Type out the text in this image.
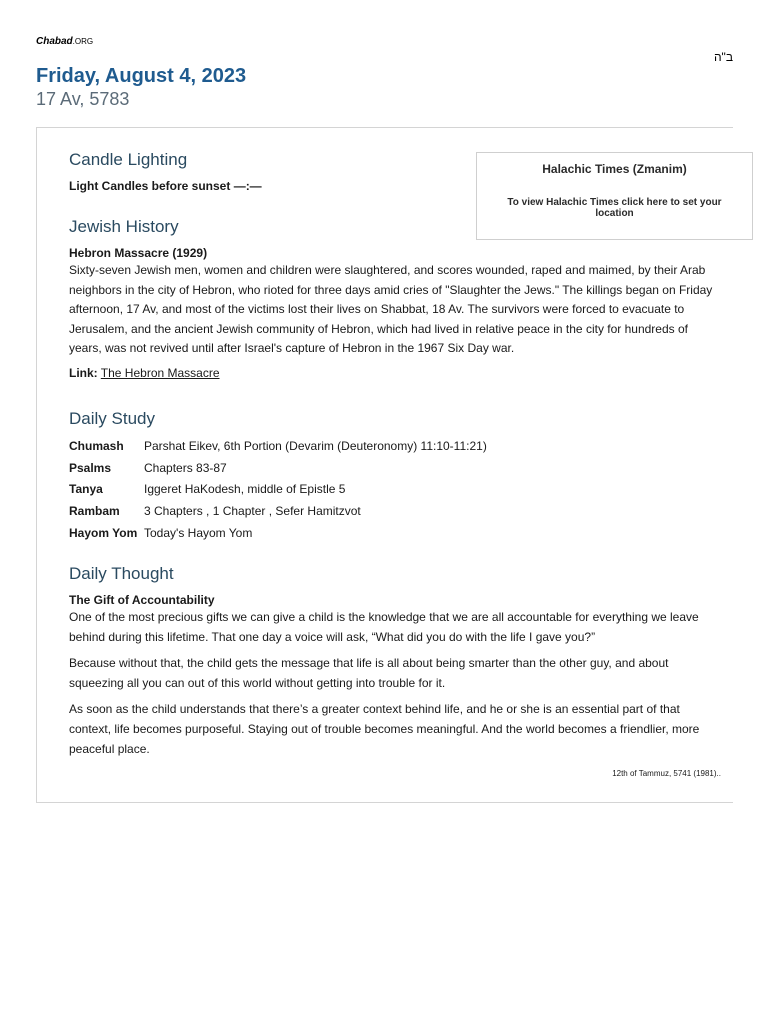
Chabad.ORG
ב"ה
Friday, August 4, 2023
17 Av, 5783
Candle Lighting
Light Candles before sunset —:—
Halachic Times (Zmanim)
To view Halachic Times click here to set your location
Jewish History
Hebron Massacre (1929)

Sixty-seven Jewish men, women and children were slaughtered, and scores wounded, raped and maimed, by their Arab neighbors in the city of Hebron, who rioted for three days amid cries of "Slaughter the Jews." The killings began on Friday afternoon, 17 Av, and most of the victims lost their lives on Shabbat, 18 Av. The survivors were forced to evacuate to Jerusalem, and the ancient Jewish community of Hebron, which had lived in relative peace in the city for hundreds of years, was not revived until after Israel's capture of Hebron in the 1967 Six Day war.

Link: The Hebron Massacre
Daily Study
Chumash	Parshat Eikev, 6th Portion (Devarim (Deuteronomy) 11:10-11:21)
Psalms	Chapters 83-87
Tanya	Iggeret HaKodesh, middle of Epistle 5
Rambam	3 Chapters , 1 Chapter , Sefer Hamitzvot
Hayom Yom	Today's Hayom Yom
Daily Thought
The Gift of Accountability

One of the most precious gifts we can give a child is the knowledge that we are all accountable for everything we leave behind during this lifetime. That one day a voice will ask, “What did you do with the life I gave you?”

Because without that, the child gets the message that life is all about being smarter than the other guy, and about squeezing all you can out of this world without getting into trouble for it.

As soon as the child understands that there’s a greater context behind life, and he or she is an essential part of that context, life becomes purposeful. Staying out of trouble becomes meaningful. And the world becomes a friendlier, more peaceful place.

12th of Tammuz, 5741 (1981)..
